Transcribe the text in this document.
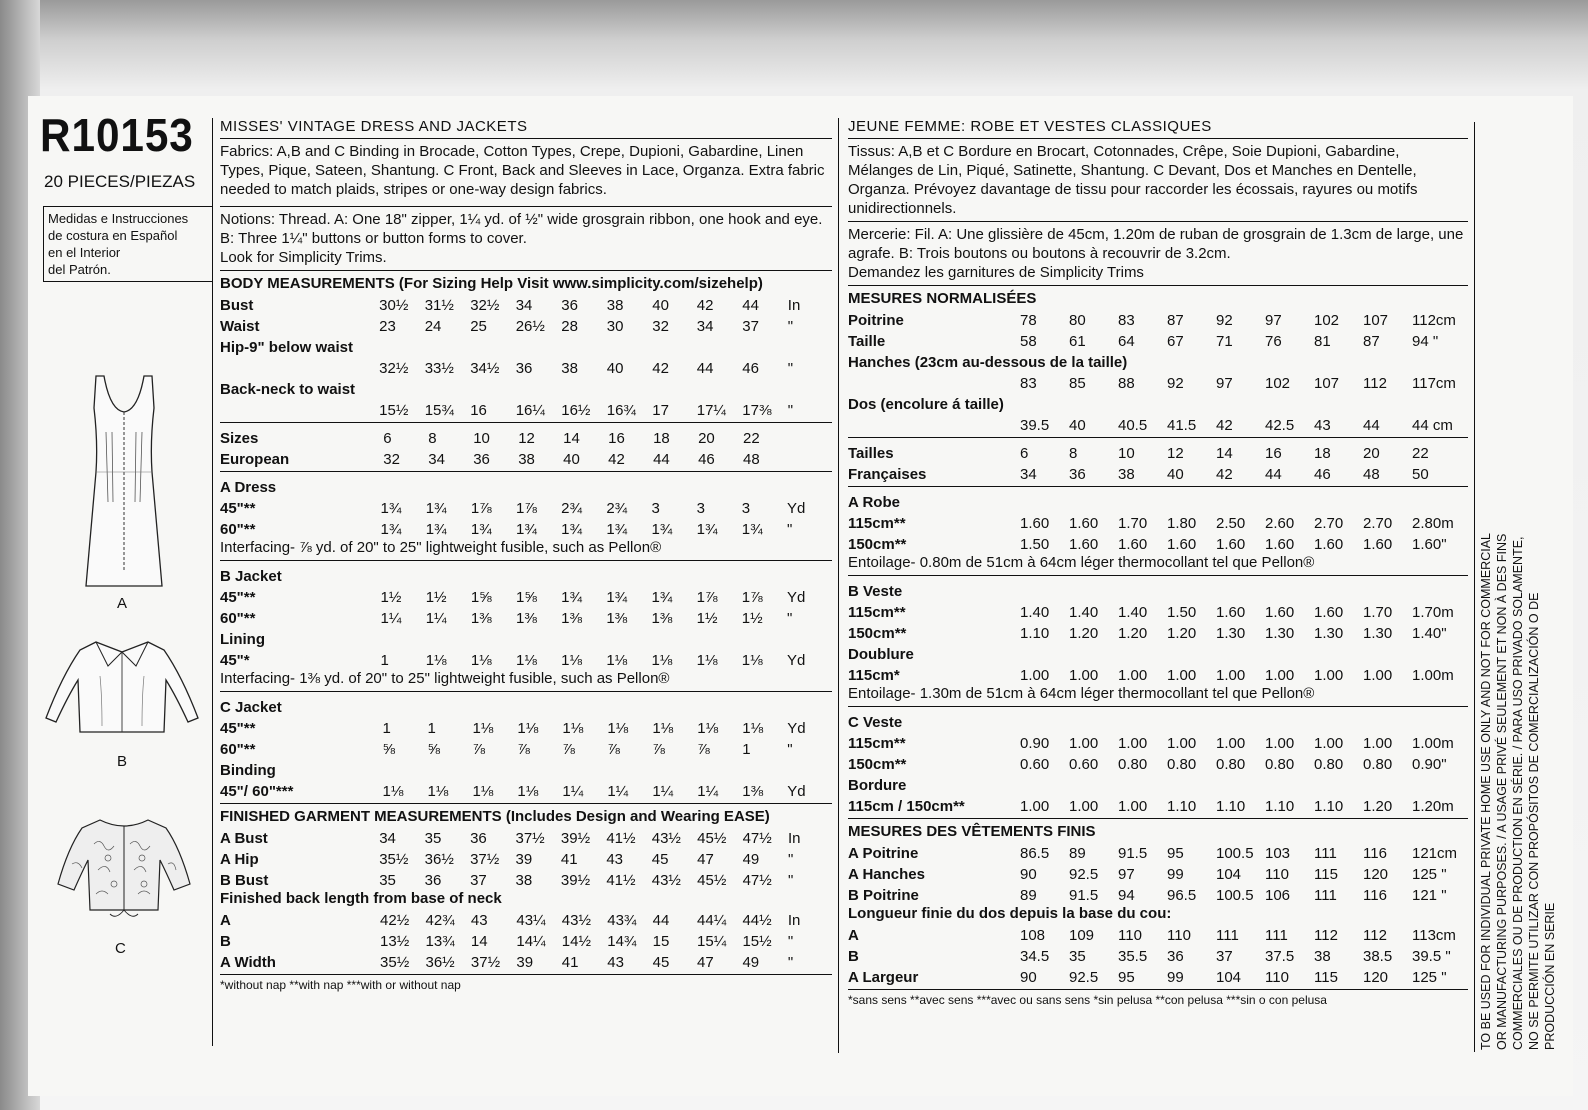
R10153
20 PIECES/PIEZAS
Medidas e Instrucciones
de costura en Español
en el Interior
del Patrón.
A
B
C
MISSES' VINTAGE DRESS AND JACKETS
Fabrics: A,B and C Binding in Brocade, Cotton Types, Crepe, Dupioni, Gabardine, Linen Types, Pique, Sateen, Shantung. C Front, Back and Sleeves in Lace, Organza. Extra fabric needed to match plaids, stripes or one-way design fabrics.
Notions: Thread. A: One 18" zipper, 1¼ yd. of ½" wide grosgrain ribbon, one hook and eye. B: Three 1¼" buttons or button forms to cover.
Look for Simplicity Trims.
BODY MEASUREMENTS (For Sizing Help Visit www.simplicity.com/sizehelp)
Bust	30½	31½	32½	34	36	38	40	42	44	In
Waist	23	24	25	26½	28	30	32	34	37	"
Hip-9" below waist										
	32½	33½	34½	36	38	40	42	44	46	"
Back-neck to waist										
	15½	15¾	16	16¼	16½	16¾	17	17¼	17⅜	"
Sizes	6	8	10	12	14	16	18	20	22	
European	32	34	36	38	40	42	44	46	48	
A Dress										
45"**	1¾	1¾	1⅞	1⅞	2¾	2¾	3	3	3	Yd
60"**	1¾	1¾	1¾	1¾	1¾	1¾	1¾	1¾	1¾	"
Interfacing- ⅞ yd. of 20" to 25" lightweight fusible, such as Pellon®
B Jacket										
45"**	1½	1½	1⅝	1⅝	1¾	1¾	1¾	1⅞	1⅞	Yd
60"**	1¼	1¼	1⅜	1⅜	1⅜	1⅜	1⅜	1½	1½	"
Lining										
45"*	1	1⅛	1⅛	1⅛	1⅛	1⅛	1⅛	1⅛	1⅛	Yd
Interfacing- 1⅜ yd. of 20" to 25" lightweight fusible, such as Pellon®
C Jacket										
45"**	1	1	1⅛	1⅛	1⅛	1⅛	1⅛	1⅛	1⅛	Yd
60"**	⅝	⅝	⅞	⅞	⅞	⅞	⅞	⅞	1	"
Binding										
45"/ 60"***	1⅛	1⅛	1⅛	1⅛	1¼	1¼	1¼	1¼	1⅜	Yd
FINISHED GARMENT MEASUREMENTS (Includes Design and Wearing EASE)
A Bust	34	35	36	37½	39½	41½	43½	45½	47½	In
A Hip	35½	36½	37½	39	41	43	45	47	49	"
B Bust	35	36	37	38	39½	41½	43½	45½	47½	"
Finished back length from base of neck
A	42½	42¾	43	43¼	43½	43¾	44	44¼	44½	In
B	13½	13¾	14	14¼	14½	14¾	15	15¼	15½	"
A Width	35½	36½	37½	39	41	43	45	47	49	"
*without nap **with nap ***with or without nap
JEUNE FEMME: ROBE ET VESTES CLASSIQUES
Tissus: A,B et C Bordure en Brocart, Cotonnades, Crêpe, Soie Dupioni, Gabardine, Mélanges de Lin, Piqué, Satinette, Shantung. C Devant, Dos et Manches en Dentelle, Organza. Prévoyez davantage de tissu pour raccorder les écossais, rayures ou motifs unidirectionnels.
Mercerie: Fil. A: Une glissière de 45cm, 1.20m de ruban de grosgrain de 1.3cm de large, une agrafe. B: Trois boutons ou boutons à recouvrir de 3.2cm.
Demandez les garnitures de Simplicity Trims
MESURES NORMALISÉES
Poitrine	78	80	83	87	92	97	102	107	112cm
Taille	58	61	64	67	71	76	81	87	94 "
Hanches (23cm au-dessous de la taille)									
	83	85	88	92	97	102	107	112	117cm
Dos (encolure á taille)									
	39.5	40	40.5	41.5	42	42.5	43	44	44 cm
Tailles	6	8	10	12	14	16	18	20	22
Françaises	34	36	38	40	42	44	46	48	50
A Robe									
115cm**	1.60	1.60	1.70	1.80	2.50	2.60	2.70	2.70	2.80m
150cm**	1.50	1.60	1.60	1.60	1.60	1.60	1.60	1.60	1.60"
Entoilage- 0.80m de 51cm à 64cm léger thermocollant tel que Pellon®
B Veste									
115cm**	1.40	1.40	1.40	1.50	1.60	1.60	1.60	1.70	1.70m
150cm**	1.10	1.20	1.20	1.20	1.30	1.30	1.30	1.30	1.40"
Doublure									
115cm*	1.00	1.00	1.00	1.00	1.00	1.00	1.00	1.00	1.00m
Entoilage- 1.30m de 51cm à 64cm léger thermocollant tel que Pellon®
C Veste									
115cm**	0.90	1.00	1.00	1.00	1.00	1.00	1.00	1.00	1.00m
150cm**	0.60	0.60	0.80	0.80	0.80	0.80	0.80	0.80	0.90"
Bordure									
115cm / 150cm**	1.00	1.00	1.00	1.10	1.10	1.10	1.10	1.20	1.20m
MESURES DES VÊTEMENTS FINIS
A Poitrine	86.5	89	91.5	95	100.5	103	111	116	121cm
A Hanches	90	92.5	97	99	104	110	115	120	125 "
B Poitrine	89	91.5	94	96.5	100.5	106	111	116	121 "
Longueur finie du dos depuis la base du cou:
A	108	109	110	110	111	111	112	112	113cm
B	34.5	35	35.5	36	37	37.5	38	38.5	39.5 "
A Largeur	90	92.5	95	99	104	110	115	120	125 "
*sans sens **avec sens ***avec ou sans sens *sin pelusa **con pelusa ***sin o con pelusa	TO BE USED FOR INDIVIDUAL PRIVATE HOME USE ONLY AND NOT FOR COMMERCIAL OR MANUFACTURING PURPOSES. / A USAGE PRIVÉ SEULEMENT ET NON À DES FINS COMMERCIALES OU DE PRODUCTION EN SÉRIE. / PARA USO PRIVADO SOLAMENTE, NO SE PERMITE UTILIZAR CON PROPÓSITOS DE COMERCIALIZACIÓN O DE PRODUCCIÓN EN SERIE
